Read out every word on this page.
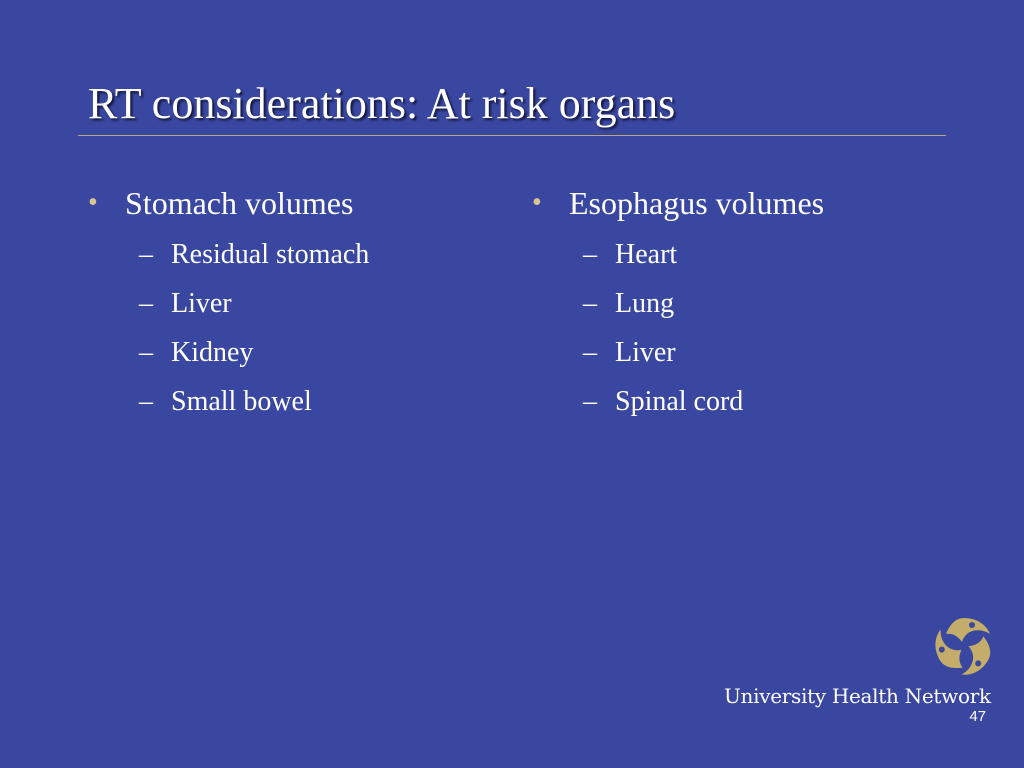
RT considerations: At risk organs
• Stomach volumes
– Residual stomach
– Liver
– Kidney
– Small bowel
• Esophagus volumes
– Heart
– Lung
– Liver
– Spinal cord
University Health Network
47
